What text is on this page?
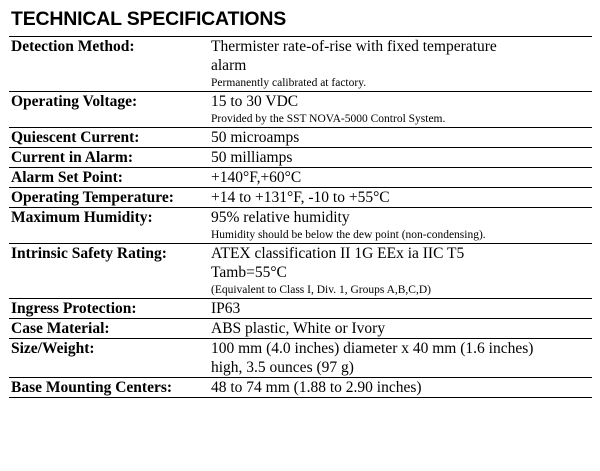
TECHNICAL SPECIFICATIONS
Detection Method:	Thermister rate-of-rise with fixed temperature
alarm
Permanently calibrated at factory.
Operating Voltage:	15 to 30 VDC
Provided by the SST NOVA-5000 Control System.
Quiescent Current:	50 microamps
Current in Alarm:	50 milliamps
Alarm Set Point:	+140°F,+60°C
Operating Temperature:	+14 to +131°F, -10 to +55°C
Maximum Humidity:	95% relative humidity
Humidity should be below the dew point (non-condensing).
Intrinsic Safety Rating:	ATEX classification II 1G EEx ia IIC T5
Tamb=55°C
(Equivalent to Class I, Div. 1, Groups A,B,C,D)
Ingress Protection:	IP63
Case Material:	ABS plastic, White or Ivory
Size/Weight:	100 mm (4.0 inches) diameter x 40 mm (1.6 inches)
high, 3.5 ounces (97 g)
Base Mounting Centers:	48 to 74 mm (1.88 to 2.90 inches)
